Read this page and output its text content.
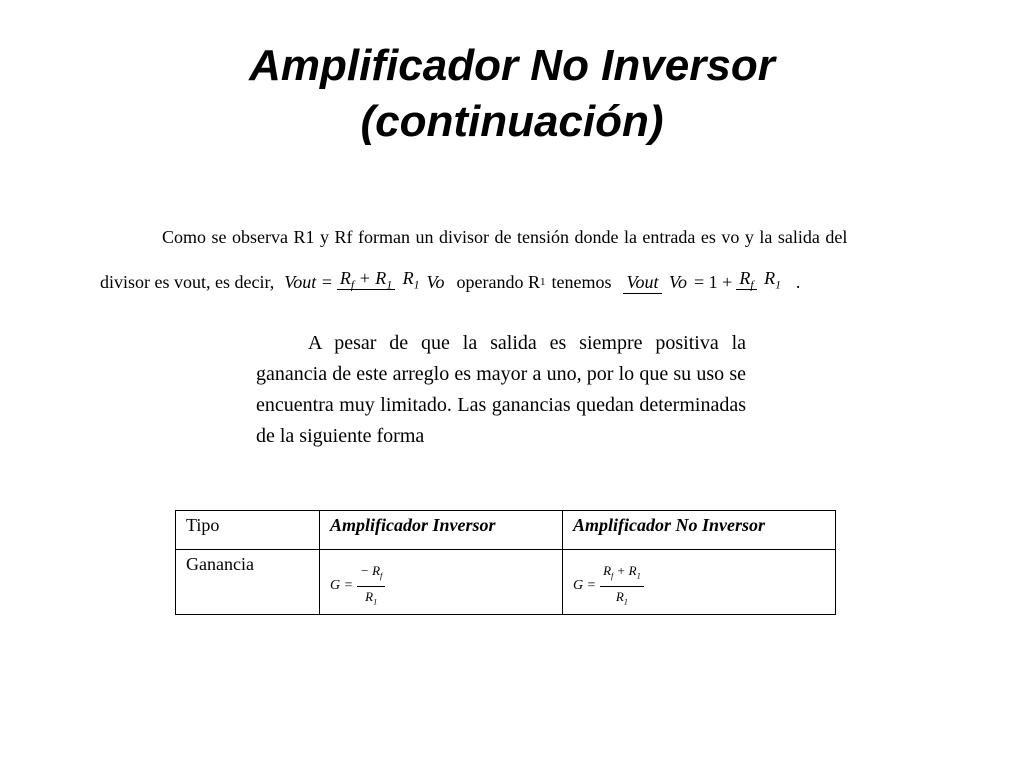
Amplificador No Inversor
(continuación)
Como se observa R1 y Rf forman un divisor de tensión donde la entrada es vo y la salida del
divisor es vout, es decir, Vout = $R_f + R_1$ $R_1$ Vo operando R 1 tenemos Vout $Vo = 1 + R_f$ $R_1$ .
A pesar de que la salida es siempre positiva la ganancia de este arreglo es mayor a uno, por lo que su uso se encuentra muy limitado. Las ganancias quedan determinadas de la siguiente forma
Tipo	Amplificador Inversor	Amplificador No Inversor
Ganancia	$G = \frac{- R_f}{R_1}$	$G = \frac{R_f + R_1}{R_1}$
